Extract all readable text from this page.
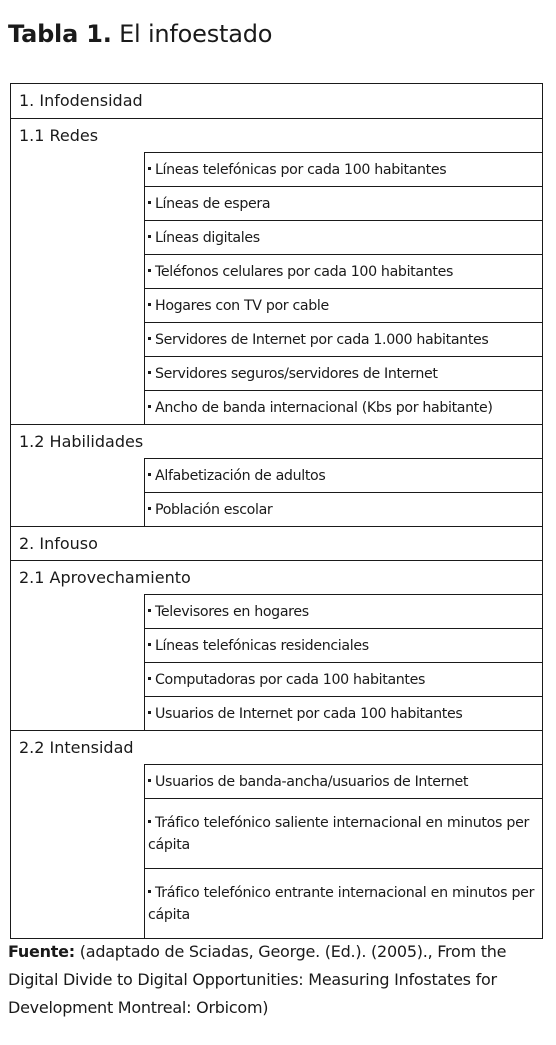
Tabla 1. El infoestado
1. Infodensidad
1.1 Redes
Líneas telefónicas por cada 100 habitantes
Líneas de espera
Líneas digitales
Teléfonos celulares por cada 100 habitantes
Hogares con TV por cable
Servidores de Internet por cada 1.000 habitantes
Servidores seguros/servidores de Internet
Ancho de banda internacional (Kbs por habitante)
1.2 Habilidades
Alfabetización de adultos
Población escolar
2. Infouso
2.1 Aprovechamiento
Televisores en hogares
Líneas telefónicas residenciales
Computadoras por cada 100 habitantes
Usuarios de Internet por cada 100 habitantes
2.2 Intensidad
Usuarios de banda-ancha/usuarios de Internet
Tráfico telefónico saliente internacional en minutos per cápita
Tráfico telefónico entrante internacional en minutos per cápita
Fuente: (adaptado de Sciadas, George. (Ed.). (2005)., From the Digital Divide to Digital Opportunities: Measuring Infostates for Development Montreal: Orbicom)
